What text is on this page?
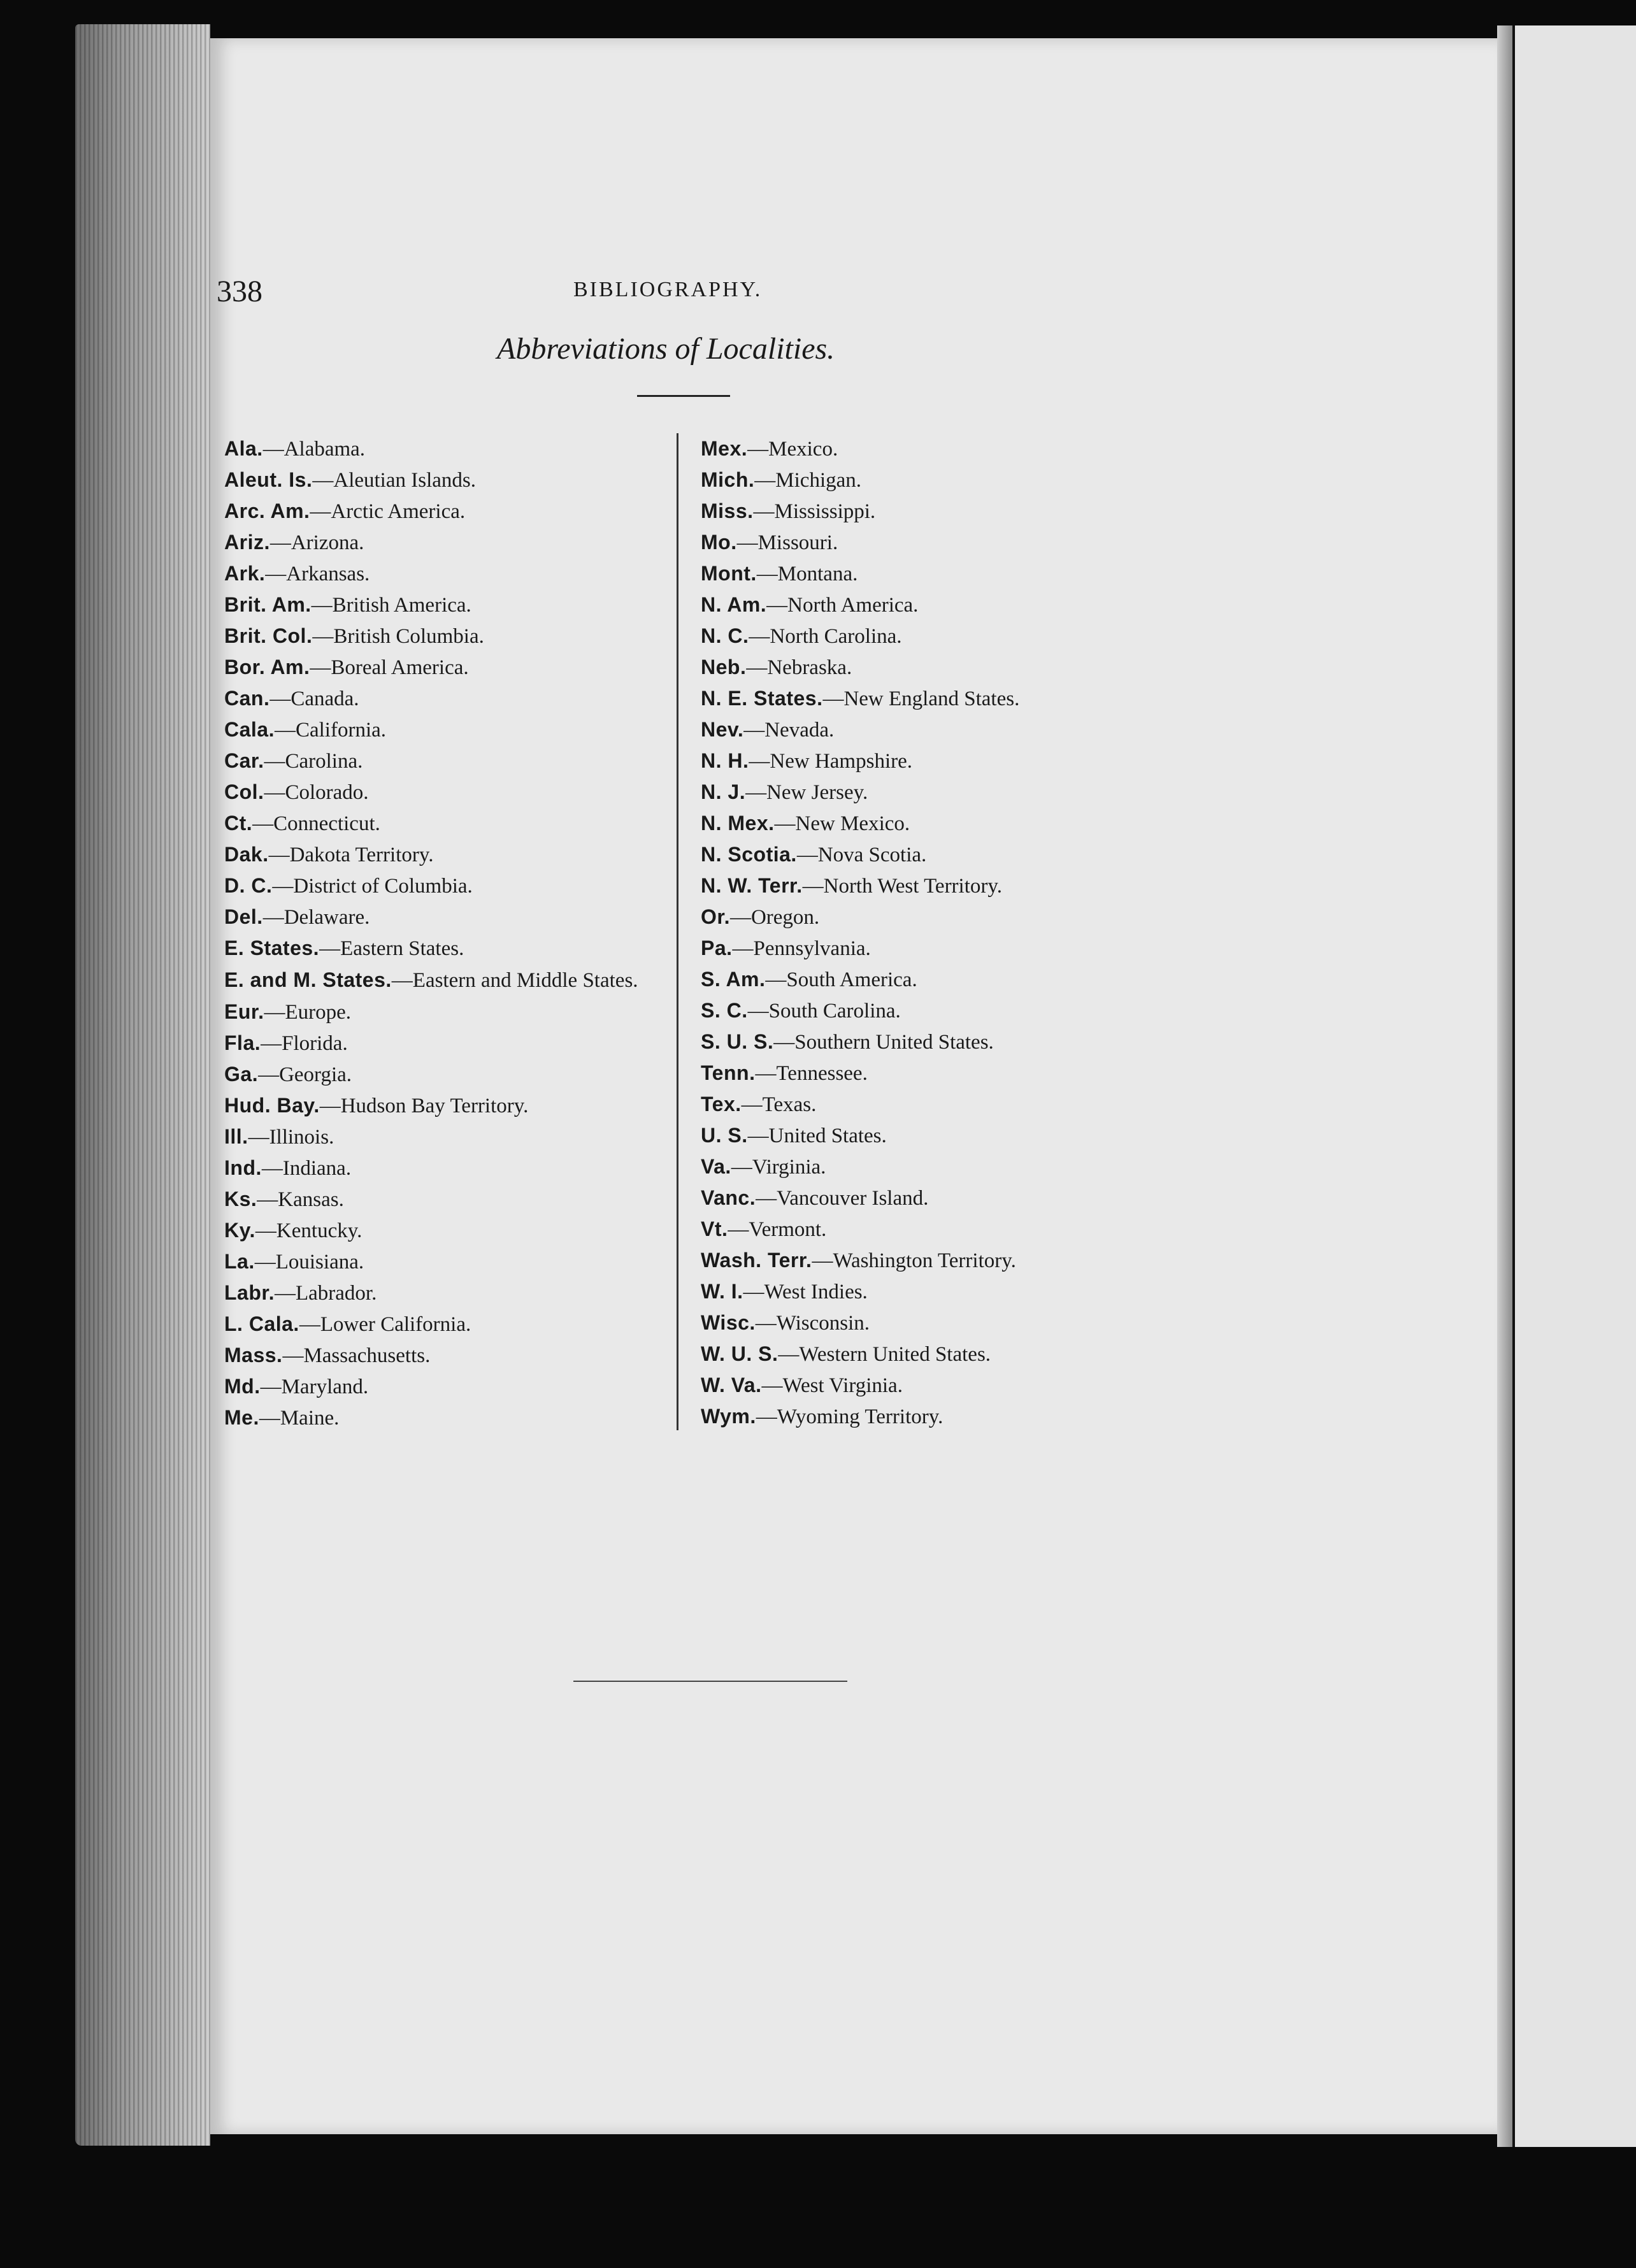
338	BIBLIOGRAPHY.
Abbreviations of Localities.
Ala.—Alabama.
Aleut. Is.—Aleutian Islands.
Arc. Am.—Arctic America.
Ariz.—Arizona.
Ark.—Arkansas.
Brit. Am.—British America.
Brit. Col.—British Columbia.
Bor. Am.—Boreal America.
Can.—Canada.
Cala.—California.
Car.—Carolina.
Col.—Colorado.
Ct.—Connecticut.
Dak.—Dakota Territory.
D. C.—District of Columbia.
Del.—Delaware.
E. States.—Eastern States.
E. and M. States.—Eastern and Middle States.
Eur.—Europe.
Fla.—Florida.
Ga.—Georgia.
Hud. Bay.—Hudson Bay Territory.
Ill.—Illinois.
Ind.—Indiana.
Ks.—Kansas.
Ky.—Kentucky.
La.—Louisiana.
Labr.—Labrador.
L. Cala.—Lower California.
Mass.—Massachusetts.
Md.—Maryland.
Me.—Maine.
Mex.—Mexico.
Mich.—Michigan.
Miss.—Mississippi.
Mo.—Missouri.
Mont.—Montana.
N. Am.—North America.
N. C.—North Carolina.
Neb.—Nebraska.
N. E. States.—New England States.
Nev.—Nevada.
N. H.—New Hampshire.
N. J.—New Jersey.
N. Mex.—New Mexico.
N. Scotia.—Nova Scotia.
N. W. Terr.—North West Territory.
Or.—Oregon.
Pa.—Pennsylvania.
S. Am.—South America.
S. C.—South Carolina.
S. U. S.—Southern United States.
Tenn.—Tennessee.
Tex.—Texas.
U. S.—United States.
Va.—Virginia.
Vanc.—Vancouver Island.
Vt.—Vermont.
Wash. Terr.—Washington Territory.
W. I.—West Indies.
Wisc.—Wisconsin.
W. U. S.—Western United States.
W. Va.—West Virginia.
Wym.—Wyoming Territory.
